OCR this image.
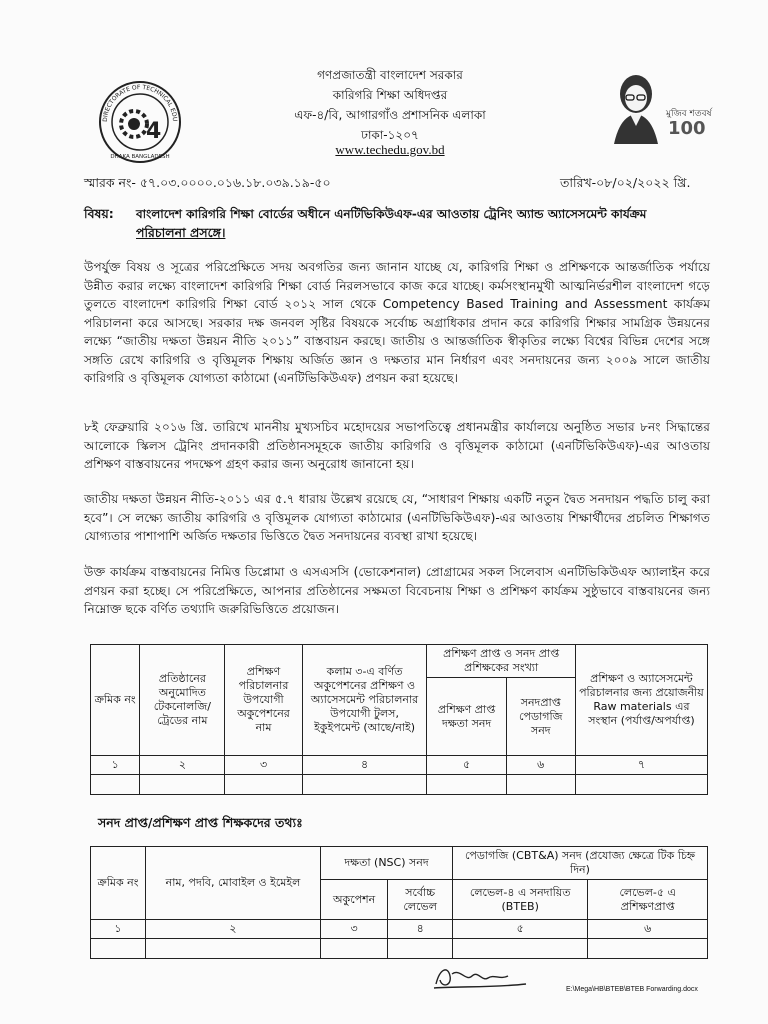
DIRECTORATE OF TECHNICAL EDU
4
DHAKA BANGLADESH
গণপ্রজাতন্ত্রী বাংলাদেশ সরকার
কারিগরি শিক্ষা অধিদপ্তর
এফ-৪/বি, আগারগাঁও প্রশাসনিক এলাকা
ঢাকা-১২০৭
www.techedu.gov.bd
মুজিব শতবর্ষ
100
স্মারক নং- ৫৭.০৩.০০০০.০১৬.১৮.০৩৯.১৯-৫০	তারিখ-০৮/০২/২০২২ খ্রি.
বিষয়: বাংলাদেশ কারিগরি শিক্ষা বোর্ডের অধীনে এনটিভিকিউএফ-এর আওতায় ট্রেনিং অ্যান্ড অ্যাসেসমেন্ট কার্যক্রম
পরিচালনা প্রসঙ্গে।
উপর্যুক্ত বিষয় ও সূত্রের পরিপ্রেক্ষিতে সদয় অবগতির জন্য জানান যাচ্ছে যে, কারিগরি শিক্ষা ও প্রশিক্ষণকে আন্তর্জাতিক পর্যায়ে উন্নীত করার লক্ষ্যে বাংলাদেশ কারিগরি শিক্ষা বোর্ড নিরলসভাবে কাজ করে যাচ্ছে। কর্মসংস্থানমুখী আত্মনির্ভরশীল বাংলাদেশ গড়ে তুলতে বাংলাদেশ কারিগরি শিক্ষা বোর্ড ২০১২ সাল থেকে Competency Based Training and Assessment কার্যক্রম পরিচালনা করে আসছে। সরকার দক্ষ জনবল সৃষ্টির বিষয়কে সর্বোচ্চ অগ্রাধিকার প্রদান করে কারিগরি শিক্ষার সামগ্রিক উন্নয়নের লক্ষ্যে “জাতীয় দক্ষতা উন্নয়ন নীতি ২০১১” বাস্তবায়ন করছে। জাতীয় ও আন্তর্জাতিক স্বীকৃতির লক্ষ্যে বিশ্বের বিভিন্ন দেশের সঙ্গে সঙ্গতি রেখে কারিগরি ও বৃত্তিমূলক শিক্ষায় অর্জিত জ্ঞান ও দক্ষতার মান নির্ধারণ এবং সনদায়নের জন্য ২০০৯ সালে জাতীয় কারিগরি ও বৃত্তিমূলক যোগ্যতা কাঠামো (এনটিভিকিউএফ) প্রণয়ন করা হয়েছে।
৮ই ফেব্রুয়ারি ২০১৬ খ্রি. তারিখে মাননীয় মুখ্যসচিব মহোদয়ের সভাপতিত্বে প্রধানমন্ত্রীর কার্যালয়ে অনুষ্ঠিত সভার ৮নং সিদ্ধান্তের আলোকে স্কিলস ট্রেনিং প্রদানকারী প্রতিষ্ঠানসমূহকে জাতীয় কারিগরি ও বৃত্তিমূলক কাঠামো (এনটিভিকিউএফ)-এর আওতায় প্রশিক্ষণ বাস্তবায়নের পদক্ষেপ গ্রহণ করার জন্য অনুরোধ জানানো হয়।
জাতীয় দক্ষতা উন্নয়ন নীতি-২০১১ এর ৫.৭ ধারায় উল্লেখ রয়েছে যে, “সাধারণ শিক্ষায় একটি নতুন দ্বৈত সনদায়ন পদ্ধতি চালু করা হবে”। সে লক্ষ্যে জাতীয় কারিগরি ও বৃত্তিমূলক যোগ্যতা কাঠামোর (এনটিভিকিউএফ)-এর আওতায় শিক্ষার্থীদের প্রচলিত শিক্ষাগত যোগ্যতার পাশাপাশি অর্জিত দক্ষতার ভিত্তিতে দ্বৈত সনদায়নের ব্যবস্থা রাখা হয়েছে।
উক্ত কার্যক্রম বাস্তবায়নের নিমিত্ত ডিপ্লোমা ও এসএসসি (ভোকেশনাল) প্রোগ্রামের সকল সিলেবাস এনটিভিকিউএফ অ্যালাইন করে প্রণয়ন করা হচ্ছে। সে পরিপ্রেক্ষিতে, আপনার প্রতিষ্ঠানের সক্ষমতা বিবেচনায় শিক্ষা ও প্রশিক্ষণ কার্যক্রম সুষ্ঠুভাবে বাস্তবায়নের জন্য নিম্নোক্ত ছকে বর্ণিত তথ্যাদি জরুরিভিত্তিতে প্রয়োজন।
ক্রমিক নং	প্রতিষ্ঠানের অনুমোদিত টেকনোলজি/ ট্রেডের নাম	প্রশিক্ষণ পরিচালনার উপযোগী অকুপেশনের নাম	কলাম ৩-এ বর্ণিত অকুপেশনের প্রশিক্ষণ ও অ্যাসেসমেন্ট পরিচালনার উপযোগী টুলস, ইকুইপমেন্ট (আছে/নাই)	প্রশিক্ষণ প্রাপ্ত ও সনদ প্রাপ্ত প্রশিক্ষকের সংখ্যা		প্রশিক্ষণ ও অ্যাসেসমেন্ট পরিচালনার জন্য প্রয়োজনীয় Raw materials এর সংস্থান (পর্যাপ্ত/অপর্যাপ্ত)
				প্রশিক্ষণ প্রাপ্ত দক্ষতা সনদ	সনদপ্রাপ্ত পেডাগজি সনদ	
১	২	৩	৪	৫	৬	৭

সনদ প্রাপ্ত/প্রশিক্ষণ প্রাপ্ত শিক্ষকদের তথ্যঃ
ক্রমিক নং	নাম, পদবি, মোবাইল ও ইমেইল	দক্ষতা (NSC) সনদ		পেডাগজি (CBT&A) সনদ (প্রযোজ্য ক্ষেত্রে টিক চিহ্ন দিন)	
		অকুপেশন	সর্বোচ্চ লেভেল	লেভেল-৪ এ সনদায়িত (BTEB)	লেভেল-৫ এ প্রশিক্ষণপ্রাপ্ত
১	২	৩	৪	৫	৬

E:\Mega\HB\BTEB\BTEB Forwarding.docx
